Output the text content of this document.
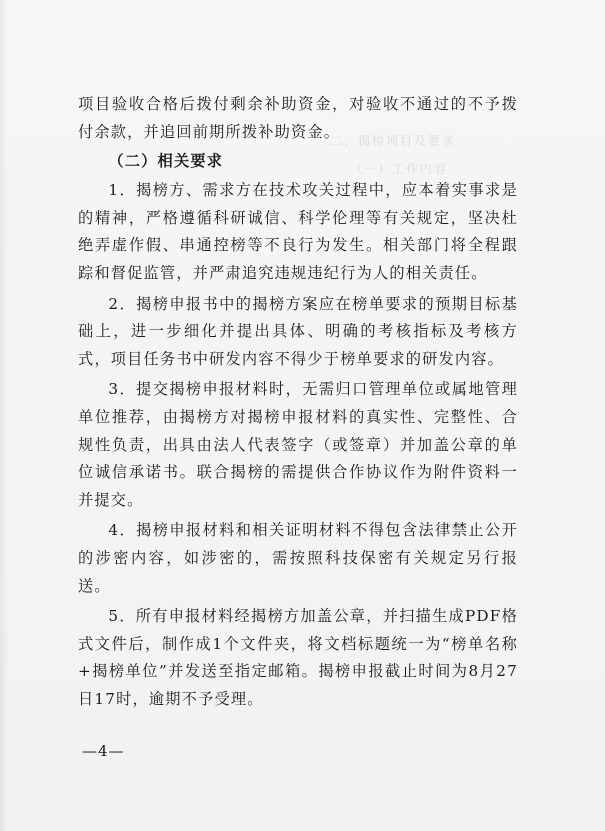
二、揭榜项目及要求
（一）工作内容

项目验收合格后拨付剩余补助资金，对验收不通过的不予拨付余款，并追回前期所拨补助资金。

（二）相关要求

1．揭榜方、需求方在技术攻关过程中，应本着实事求是的精神，严格遵循科研诚信、科学伦理等有关规定，坚决杜绝弄虚作假、串通控榜等不良行为发生。相关部门将全程跟踪和督促监管，并严肃追究违规违纪行为人的相关责任。

2．揭榜申报书中的揭榜方案应在榜单要求的预期目标基础上，进一步细化并提出具体、明确的考核指标及考核方式，项目任务书中研发内容不得少于榜单要求的研发内容。

3．提交揭榜申报材料时，无需归口管理单位或属地管理单位推荐，由揭榜方对揭榜申报材料的真实性、完整性、合规性负责，出具由法人代表签字（或签章）并加盖公章的单位诚信承诺书。联合揭榜的需提供合作协议作为附件资料一并提交。

4．揭榜申报材料和相关证明材料不得包含法律禁止公开的涉密内容，如涉密的，需按照科技保密有关规定另行报送。

5．所有申报材料经揭榜方加盖公章，并扫描生成PDF格式文件后，制作成1个文件夹，将文档标题统一为“榜单名称+揭榜单位”并发送至指定邮箱。揭榜申报截止时间为8月27日17时，逾期不予受理。

—4—
